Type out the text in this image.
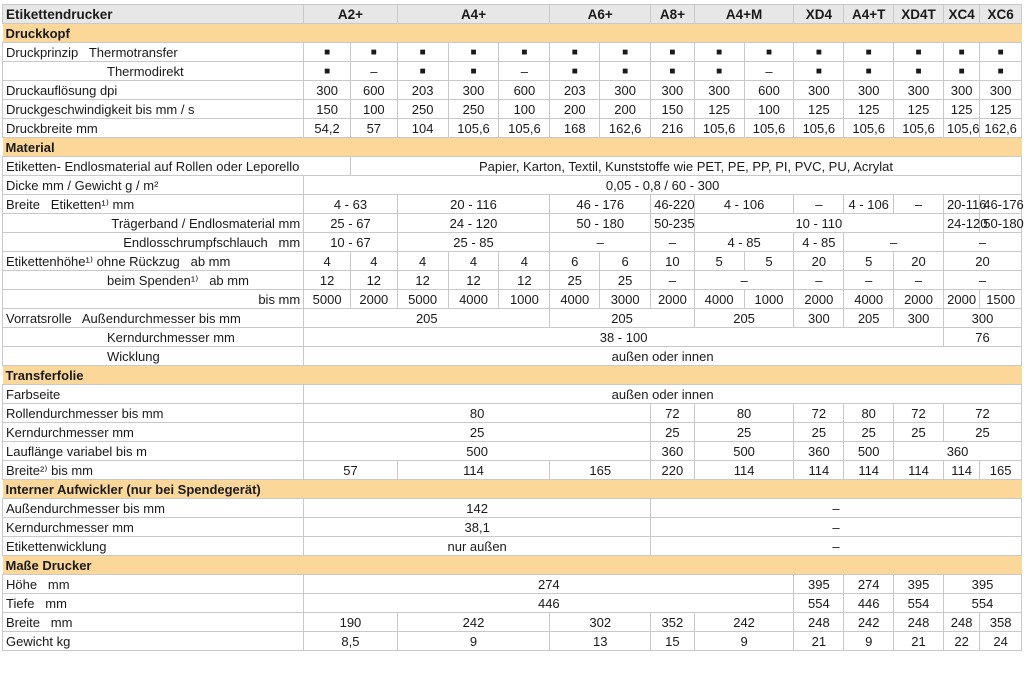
Etikettendrucker	A2+		A4+			A6+		A8+	A4+M		XD4	A4+T	XD4T	XC4	XC6
Druckkopf															
Druckprinzip   Thermotransfer	■	■	■	■	■	■	■	■	■	■	■	■	■	■	■
Thermodirekt	■	–	■	■	–	■	■	■	■	–	■	■	■	■	■
Druckauflösung dpi	300	600	203	300	600	203	300	300	300	600	300	300	300	300	300
Druckgeschwindigkeit bis mm / s	150	100	250	250	100	200	200	150	125	100	125	125	125	125	125
Druckbreite mm	54,2	57	104	105,6	105,6	168	162,6	216	105,6	105,6	105,6	105,6	105,6	105,6	162,6
Material															
Etiketten- Endlosmaterial auf Rollen oder Leporello		Papier, Karton, Textil, Kunststoffe wie PET, PE, PP, PI, PVC, PU, Acrylat													
Dicke mm / Gewicht g / m²	0,05 - 0,8 / 60 - 300														
Breite   Etiketten¹⁾ mm	4 - 63		20 - 116			46 - 176		46-220	4 - 106		–	4 - 106	–	20-116	46-176
Trägerband / Endlosmaterial mm	25 - 67		24 - 120			50 - 180		50-235	10 - 110					24-120	50-180
Endlosschrumpfschlauch   mm	10 - 67		25 - 85			–		–	4 - 85		4 - 85	–		–	
Etikettenhöhe¹⁾ ohne Rückzug   ab mm	4	4	4	4	4	6	6	10	5	5	20	5	20	20	
beim Spenden¹⁾   ab mm	12	12	12	12	12	25	25	–	–		–	–	–	–	
bis mm	5000	2000	5000	4000	1000	4000	3000	2000	4000	1000	2000	4000	2000	2000	1500
Vorratsrolle   Außendurchmesser bis mm	205					205			205		300	205	300	300	
Kerndurchmesser mm	38 - 100													76	
Wicklung	außen oder innen														
Transferfolie															
Farbseite	außen oder innen														
Rollendurchmesser bis mm	80							72	80		72	80	72	72	
Kerndurchmesser mm	25							25	25		25	25	25	25	
Lauflänge variabel bis m	500							360	500		360	500	360		
Breite²⁾ bis mm	57		114			165		220	114		114	114	114	114	165
Interner Aufwickler (nur bei Spendegerät)															
Außendurchmesser bis mm	142							–							
Kerndurchmesser mm	38,1							–							
Etikettenwicklung	nur außen							–							
Maße Drucker															
Höhe   mm	274										395	274	395	395	
Tiefe   mm	446										554	446	554	554	
Breite   mm	190		242			302		352	242		248	242	248	248	358
Gewicht kg	8,5		9			13		15	9		21	9	21	22	24
